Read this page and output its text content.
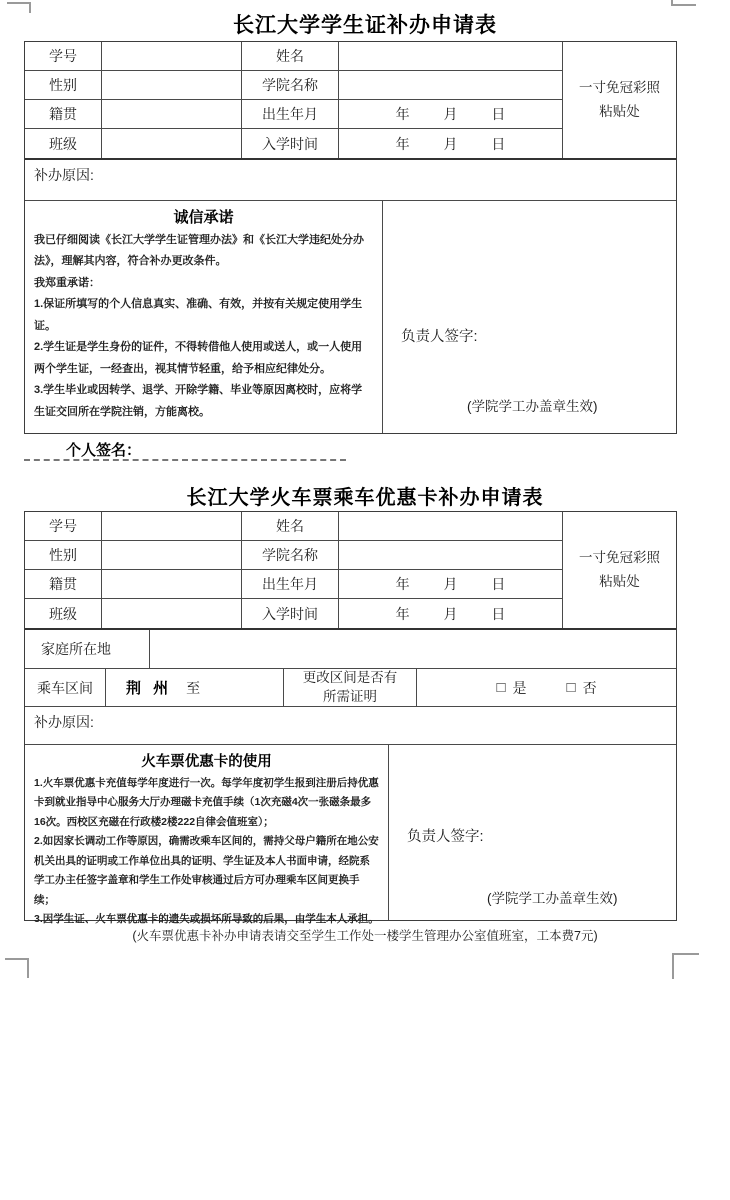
长江大学学生证补办申请表
学号	姓名
一寸免冠彩照
粘贴处
性别	学院名称
籍贯	出生年月	年 月 日
班级	入学时间	年 月 日
补办原因:
诚信承诺
我已仔细阅读《长江大学学生证管理办法》和《长江大学违纪处分办法》，理解其内容，符合补办更改条件。
我郑重承诺：
1.保证所填写的个人信息真实、准确、有效，并按有关规定使用学生证。
2.学生证是学生身份的证件，不得转借他人使用或送人，或一人使用两个学生证，一经查出，视其情节轻重，给予相应纪律处分。
3.学生毕业或因转学、退学、开除学籍、毕业等原因离校时，应将学生证交回所在学院注销，方能离校。
个人签名：
负责人签字:
(学院学工办盖章生效)
长江大学火车票乘车优惠卡补办申请表
学号	姓名
一寸免冠彩照
粘贴处
性别	学院名称
籍贯	出生年月	年 月 日
班级	入学时间	年 月 日
家庭所在地
乘车区间	荆 州 至
更改区间是否有
所需证明	□ 是	□ 否
补办原因:
火车票优惠卡的使用
1.火车票优惠卡充值每学年度进行一次。每学年度初学生报到注册后持优惠卡到就业指导中心服务大厅办理磁卡充值手续（1次充磁4次一张磁条最多16次。西校区充磁在行政楼2楼222自律会值班室）；
2.如因家长调动工作等原因，确需改乘车区间的，需持父母户籍所在地公安机关出具的证明或工作单位出具的证明、学生证及本人书面申请，经院系学工办主任签字盖章和学生工作处审核通过后方可办理乘车区间更换手续；
3.因学生证、火车票优惠卡的遗失或损坏所导致的后果，由学生本人承担。
负责人签字:
(学院学工办盖章生效)
(火车票优惠卡补办申请表请交至学生工作处一楼学生管理办公室值班室，工本费7元)
